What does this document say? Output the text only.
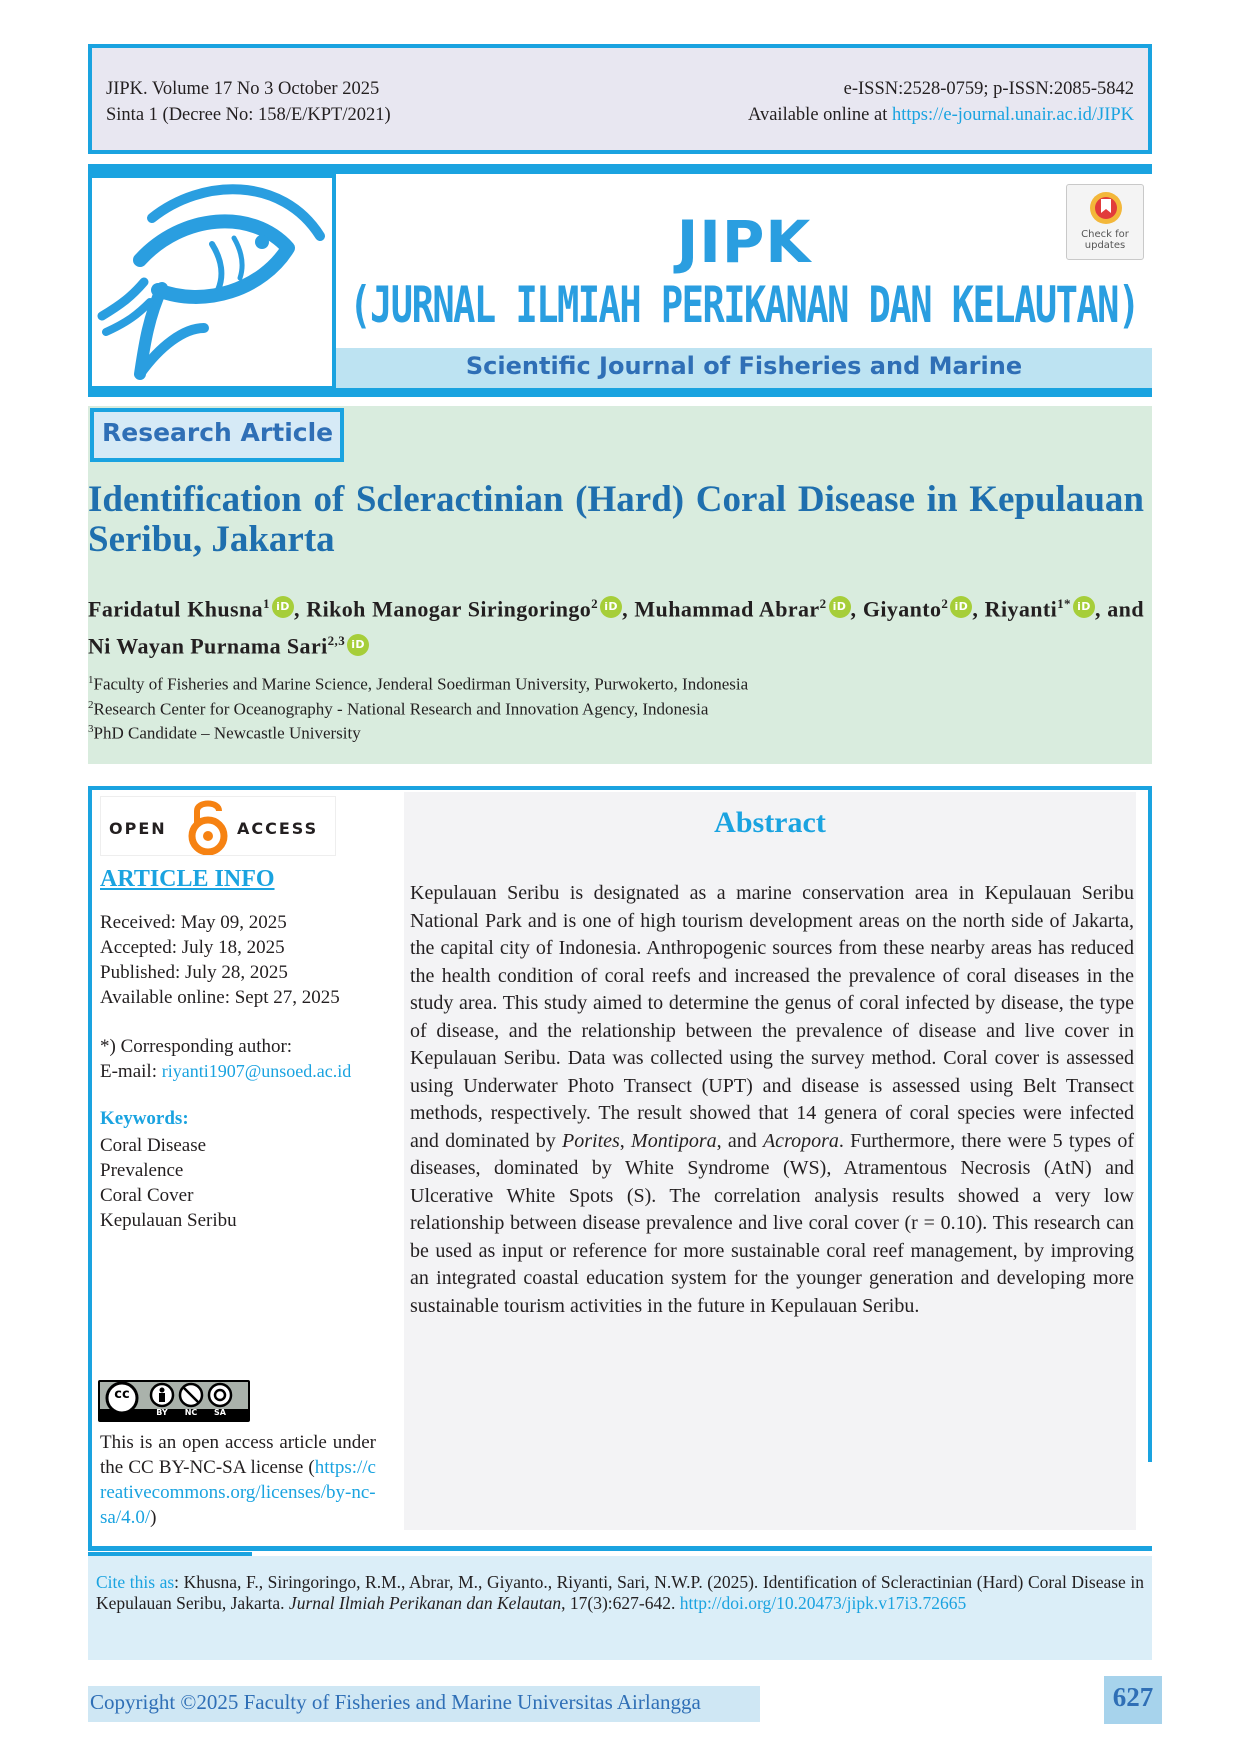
JIPK. Volume 17 No 3 October 2025
Sinta 1 (Decree No: 158/E/KPT/2021)
e-ISSN:2528-0759; p-ISSN:2085-5842
Available online at https://e-journal.unair.ac.id/JIPK
JIPK
(JURNAL ILMIAH PERIKANAN DAN KELAUTAN)
Scientific Journal of Fisheries and Marine
Check for
updates
Research Article
Identification of Scleractinian (Hard) Coral Disease in Kepulauan Seribu, Jakarta
Faridatul Khusna$^1$ iD , Rikoh Manogar Siringoringo$^2$ iD , Muhammad Abrar$^2$ iD , Giyanto$^2$ iD , Riyanti$^{1*}$ iD , and Ni Wayan Purnama Sari$^{2,3}$ iD
$^1$Faculty of Fisheries and Marine Science, Jenderal Soedirman University, Purwokerto, Indonesia
$^2$Research Center for Oceanography - National Research and Innovation Agency, Indonesia
$^3$PhD Candidate – Newcastle University
OPEN	ACCESS
ARTICLE INFO
Received: May 09, 2025
Accepted: July 18, 2025
Published: July 28, 2025
Available online: Sept 27, 2025
*) Corresponding author:
E-mail: riyanti1907@unsoed.ac.id
Keywords:
Coral Disease
Prevalence
Coral Cover
Kepulauan Seribu
cc
BY	NC	SA
This is an open access article under the CC BY-NC-SA license (https://creativecommons.org/licenses/by-nc-sa/4.0/)
Abstract
Kepulauan Seribu is designated as a marine conservation area in Kepulauan Seribu National Park and is one of high tourism development areas on the north side of Jakarta, the capital city of Indonesia. Anthropogenic sources from these nearby areas has reduced the health condition of coral reefs and increased the prevalence of coral diseases in the study area. This study aimed to determine the genus of coral infected by disease, the type of disease, and the relationship between the prevalence of disease and live cover in Kepulauan Seribu. Data was collected using the survey method. Coral cover is assessed using Underwater Photo Transect (UPT) and disease is assessed using Belt Transect methods, respectively. The result showed that 14 genera of coral species were infected and dominated by Porites, Montipora, and Acropora. Furthermore, there were 5 types of diseases, dominated by White Syndrome (WS), Atramentous Necrosis (AtN) and Ulcerative White Spots (S). The correlation analysis results showed a very low relationship between disease prevalence and live coral cover (r = 0.10). This research can be used as input or reference for more sustainable coral reef management, by improving an integrated coastal education system for the younger generation and developing more sustainable tourism activities in the future in Kepulauan Seribu.
Cite this as: Khusna, F., Siringoringo, R.M., Abrar, M., Giyanto., Riyanti, Sari, N.W.P. (2025). Identification of Scleractinian (Hard) Coral Disease in Kepulauan Seribu, Jakarta. Jurnal Ilmiah Perikanan dan Kelautan, 17(3):627-642. http://doi.org/10.20473/jipk.v17i3.72665
Copyright ©2025 Faculty of Fisheries and Marine Universitas Airlangga	627
